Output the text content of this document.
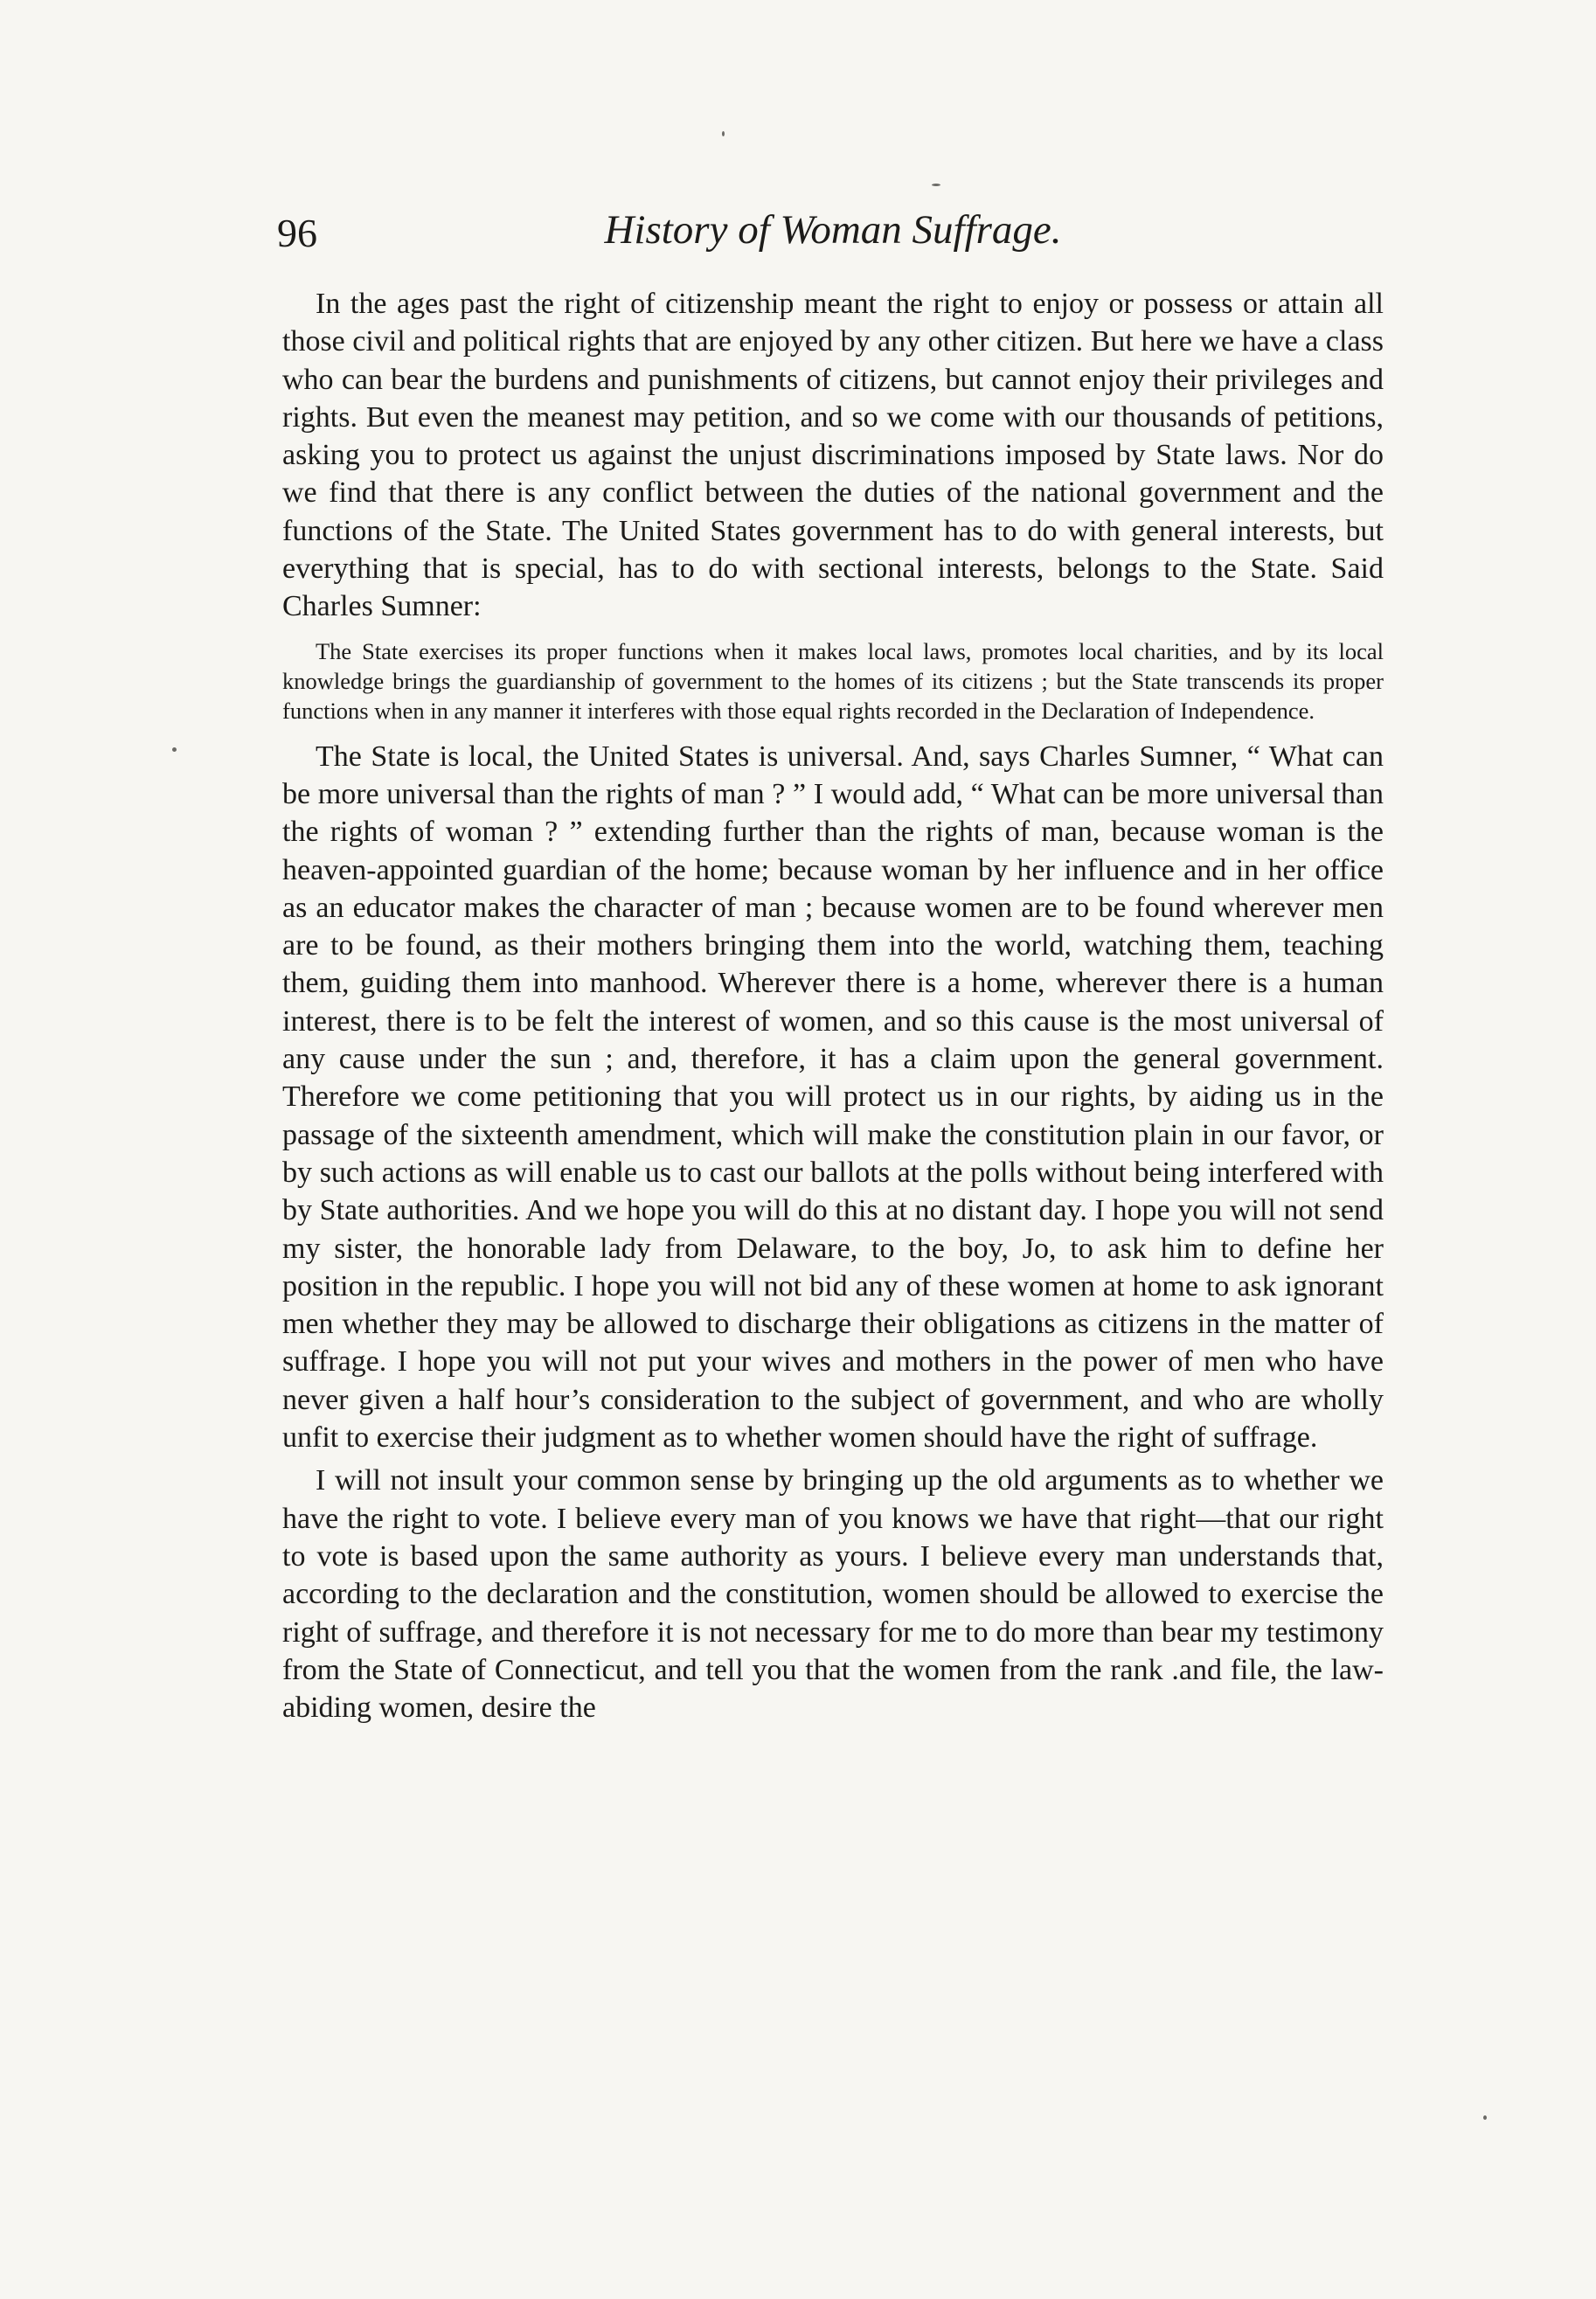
96	History of Woman Suffrage.

In the ages past the right of citizenship meant the right to enjoy or possess or attain all those civil and political rights that are enjoyed by any other citizen. But here we have a class who can bear the burdens and punishments of citizens, but cannot enjoy their privileges and rights. But even the meanest may petition, and so we come with our thousands of petitions, asking you to protect us against the unjust discriminations imposed by State laws. Nor do we find that there is any conflict between the duties of the national government and the functions of the State. The United States government has to do with general interests, but everything that is special, has to do with sectional interests, belongs to the State. Said Charles Sumner:

The State exercises its proper functions when it makes local laws, promotes local charities, and by its local knowledge brings the guardianship of government to the homes of its citizens ; but the State transcends its proper functions when in any manner it interferes with those equal rights recorded in the Declaration of Independence.

The State is local, the United States is universal. And, says Charles Sumner, “ What can be more universal than the rights of man ? ” I would add, “ What can be more universal than the rights of woman ? ” extending further than the rights of man, because woman is the heaven-appointed guardian of the home; because woman by her influence and in her office as an educator makes the character of man ; because women are to be found wherever men are to be found, as their mothers bringing them into the world, watching them, teaching them, guiding them into manhood. Wherever there is a home, wherever there is a human interest, there is to be felt the interest of women, and so this cause is the most universal of any cause under the sun ; and, therefore, it has a claim upon the general government. Therefore we come petitioning that you will protect us in our rights, by aiding us in the passage of the sixteenth amendment, which will make the constitution plain in our favor, or by such actions as will enable us to cast our ballots at the polls without being interfered with by State authorities. And we hope you will do this at no distant day. I hope you will not send my sister, the honorable lady from Delaware, to the boy, Jo, to ask him to define her position in the republic. I hope you will not bid any of these women at home to ask ignorant men whether they may be allowed to discharge their obligations as citizens in the matter of suffrage. I hope you will not put your wives and mothers in the power of men who have never given a half hour’s consideration to the subject of government, and who are wholly unfit to exercise their judgment as to whether women should have the right of suffrage.

I will not insult your common sense by bringing up the old arguments as to whether we have the right to vote. I believe every man of you knows we have that right—that our right to vote is based upon the same authority as yours. I believe every man understands that, according to the declaration and the constitution, women should be allowed to exercise the right of suffrage, and therefore it is not necessary for me to do more than bear my testimony from the State of Connecticut, and tell you that the women from the rank .and file, the law-abiding women, desire the
